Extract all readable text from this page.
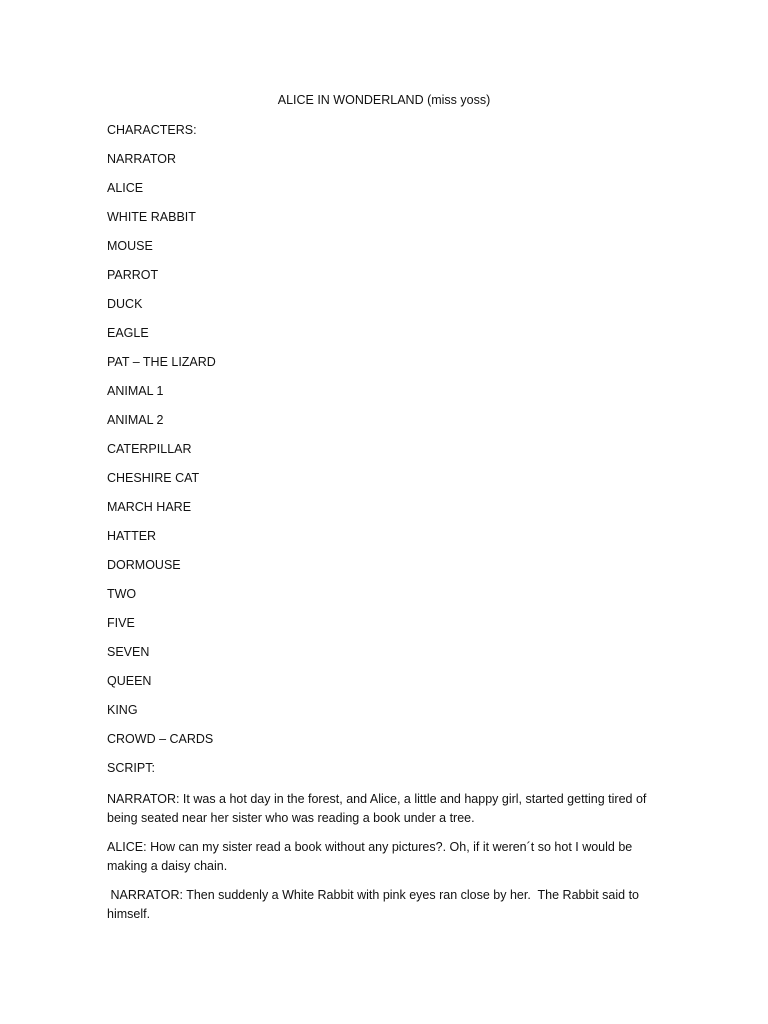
ALICE IN WONDERLAND (miss yoss)
CHARACTERS:
NARRATOR
ALICE
WHITE RABBIT
MOUSE
PARROT
DUCK
EAGLE
PAT – THE LIZARD
ANIMAL 1
ANIMAL 2
CATERPILLAR
CHESHIRE CAT
MARCH HARE
HATTER
DORMOUSE
TWO
FIVE
SEVEN
QUEEN
KING
CROWD – CARDS
SCRIPT:

NARRATOR: It was a hot day in the forest, and Alice, a little and happy girl, started getting tired of being seated near her sister who was reading a book under a tree.

ALICE: How can my sister read a book without any pictures?. Oh, if it weren´t so hot I would be making a daisy chain.

NARRATOR: Then suddenly a White Rabbit with pink eyes ran close by her.  The Rabbit said to himself.
